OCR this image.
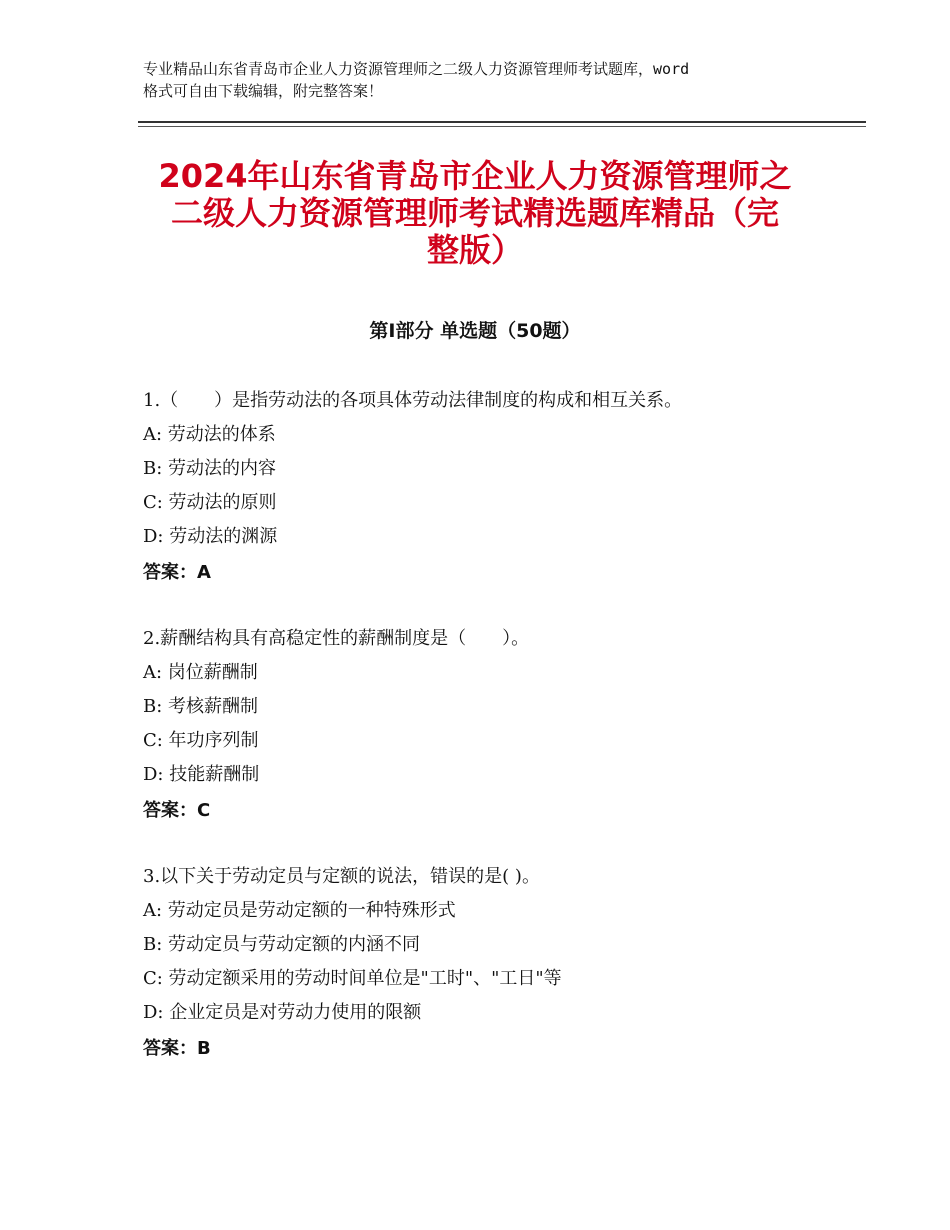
专业精品山东省青岛市企业人力资源管理师之二级人力资源管理师考试题库，word
格式可自由下载编辑，附完整答案！
2024年山东省青岛市企业人力资源管理师之
二级人力资源管理师考试精选题库精品（完
整版）
第Ⅰ部分 单选题（50题）
1.（　　）是指劳动法的各项具体劳动法律制度的构成和相互关系。
A: 劳动法的体系
B: 劳动法的内容
C: 劳动法的原则
D: 劳动法的渊源
答案：A
2.薪酬结构具有高稳定性的薪酬制度是（　　）。
A: 岗位薪酬制
B: 考核薪酬制
C: 年功序列制
D: 技能薪酬制
答案：C
3.以下关于劳动定员与定额的说法，错误的是( )。
A: 劳动定员是劳动定额的一种特殊形式
B: 劳动定员与劳动定额的内涵不同
C: 劳动定额采用的劳动时间单位是"工时"、"工日"等
D: 企业定员是对劳动力使用的限额
答案：B
